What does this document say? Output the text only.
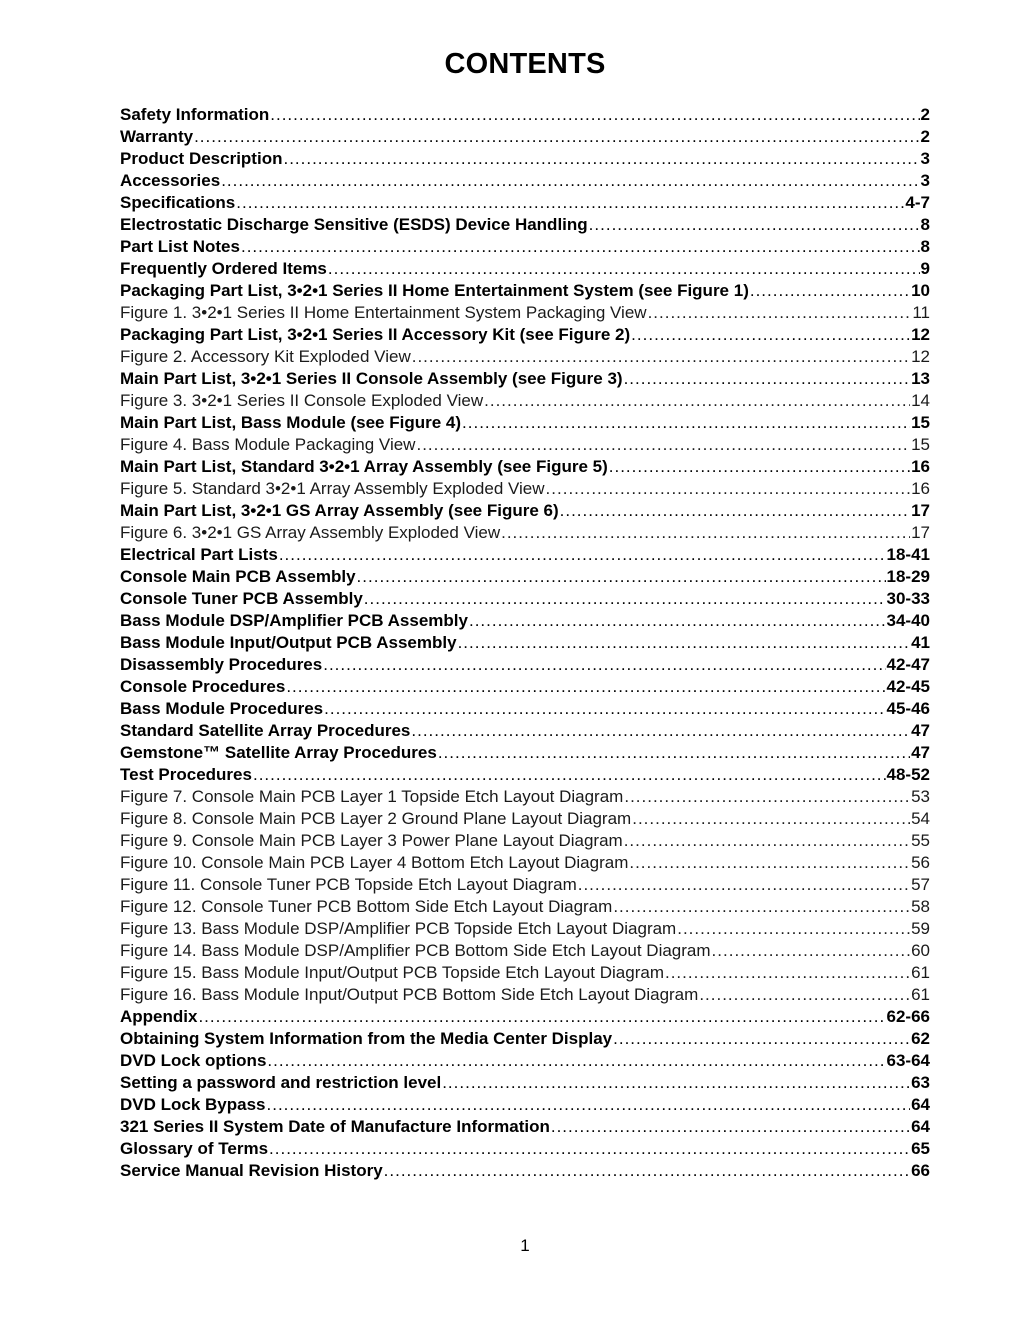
CONTENTS
Safety Information .....	2
Warranty .....	2
Product Description .....	3
Accessories .....	3
Specifications .....	4-7
Electrostatic Discharge Sensitive (ESDS) Device Handling .....	8
Part List Notes .....	8
Frequently Ordered Items .....	9
Packaging Part List, 3•2•1 Series II Home Entertainment System (see Figure 1) .....	10
Figure 1. 3•2•1 Series II Home Entertainment System Packaging View .....	11
Packaging Part List, 3•2•1 Series II Accessory Kit (see Figure 2) .....	12
Figure 2. Accessory Kit Exploded View .....	12
Main Part List, 3•2•1 Series II Console Assembly (see Figure 3) .....	13
Figure 3. 3•2•1 Series II Console Exploded View .....	14
Main Part List, Bass Module (see Figure 4) .....	15
Figure 4. Bass Module Packaging View .....	15
Main Part List, Standard 3•2•1 Array Assembly (see Figure 5) .....	16
Figure 5. Standard 3•2•1 Array Assembly Exploded View .....	16
Main Part List, 3•2•1 GS Array Assembly (see Figure 6) .....	17
Figure 6. 3•2•1 GS Array Assembly Exploded View .....	17
Electrical Part Lists .....	18-41
Console Main PCB Assembly .....	18-29
Console Tuner PCB Assembly .....	30-33
Bass Module DSP/Amplifier PCB Assembly .....	34-40
Bass Module Input/Output PCB Assembly .....	41
Disassembly Procedures .....	42-47
Console Procedures .....	42-45
Bass Module Procedures .....	45-46
Standard Satellite Array Procedures .....	47
Gemstone™ Satellite Array Procedures .....	47
Test Procedures .....	48-52
Figure 7. Console Main PCB Layer 1 Topside Etch Layout Diagram .....	53
Figure 8. Console Main PCB Layer 2 Ground Plane Layout Diagram .....	54
Figure 9. Console Main PCB Layer 3 Power Plane Layout Diagram .....	55
Figure 10. Console Main PCB Layer 4 Bottom Etch Layout Diagram .....	56
Figure 11. Console Tuner PCB Topside Etch Layout Diagram .....	57
Figure 12. Console Tuner PCB Bottom Side Etch Layout Diagram .....	58
Figure 13. Bass Module DSP/Amplifier PCB Topside Etch Layout Diagram .....	59
Figure 14. Bass Module DSP/Amplifier PCB Bottom Side Etch Layout Diagram .....	60
Figure 15. Bass Module Input/Output PCB Topside Etch Layout Diagram .....	61
Figure 16. Bass Module Input/Output PCB Bottom Side Etch Layout Diagram .....	61
Appendix .....	62-66
Obtaining System Information from the Media Center Display .....	62
DVD Lock options .....	63-64
Setting a password and restriction level .....	63
DVD Lock Bypass .....	64
321 Series II System Date of Manufacture Information .....	64
Glossary of Terms .....	65
Service Manual Revision History .....	66
1
